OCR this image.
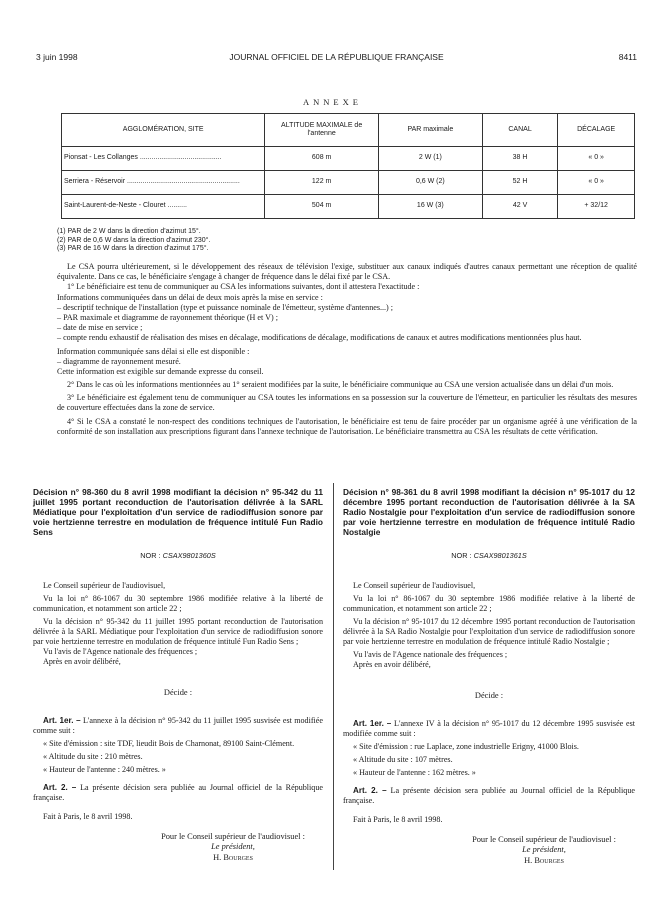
3 juin 1998	JOURNAL OFFICIEL DE LA RÉPUBLIQUE FRANÇAISE	8411
ANNEXE
AGGLOMÉRATION, SITE	ALTITUDE MAXIMALE de l'antenne	PAR maximale	CANAL	DÉCALAGE
Pionsat - Les Collanges ..........................................	608 m	2 W (1)	38 H	« 0 »
Serriera - Réservoir ..........................................................	122 m	0,6 W (2)	52 H	« 0 »
Saint-Laurent-de-Neste - Clouret ..........	504 m	16 W (3)	42 V	+ 32/12
(1) PAR de 2 W dans la direction d'azimut 15°.
(2) PAR de 0,6 W dans la direction d'azimut 230°.
(3) PAR de 16 W dans la direction d'azimut 175°.

Le CSA pourra ultérieurement, si le développement des réseaux de télévision l'exige, substituer aux canaux indiqués d'autres canaux permettant une réception de qualité équivalente. Dans ce cas, le bénéficiaire s'engage à changer de fréquence dans le délai fixé par le CSA.

1° Le bénéficiaire est tenu de communiquer au CSA les informations suivantes, dont il attestera l'exactitude :

Informations communiquées dans un délai de deux mois après la mise en service :

– descriptif technique de l'installation (type et puissance nominale de l'émetteur, système d'antennes...) ;

– PAR maximale et diagramme de rayonnement théorique (H et V) ;

– date de mise en service ;

– compte rendu exhaustif de réalisation des mises en décalage, modifications de décalage, modifications de canaux et autres modifications mentionnées plus haut.

Information communiquée sans délai si elle est disponible :

– diagramme de rayonnement mesuré.

Cette information est exigible sur demande expresse du conseil.

2° Dans le cas où les informations mentionnées au 1° seraient modifiées par la suite, le bénéficiaire communique au CSA une version actualisée dans un délai d'un mois.

3° Le bénéficiaire est également tenu de communiquer au CSA toutes les informations en sa possession sur la couverture de l'émetteur, en particulier les résultats des mesures de couverture effectuées dans la zone de service.

4° Si le CSA a constaté le non-respect des conditions techniques de l'autorisation, le bénéficiaire est tenu de faire procéder par un organisme agréé à une vérification de la conformité de son installation aux prescriptions figurant dans l'annexe technique de l'autorisation. Le bénéficiaire transmettra au CSA les résultats de cette vérification.

Décision n° 98-360 du 8 avril 1998 modifiant la décision n° 95-342 du 11 juillet 1995 portant reconduction de l'autorisation délivrée à la SARL Médiatique pour l'exploitation d'un service de radiodiffusion sonore par voie hertzienne terrestre en modulation de fréquence intitulé Fun Radio Sens
NOR : CSAX9801360S

Le Conseil supérieur de l'audiovisuel,

Vu la loi n° 86-1067 du 30 septembre 1986 modifiée relative à la liberté de communication, et notamment son article 22 ;

Vu la décision n° 95-342 du 11 juillet 1995 portant reconduction de l'autorisation délivrée à la SARL Médiatique pour l'exploitation d'un service de radiodiffusion sonore par voie hertzienne terrestre en modulation de fréquence intitulé Fun Radio Sens ;

Vu l'avis de l'Agence nationale des fréquences ;

Après en avoir délibéré,

Décide :

Art. 1er. – L'annexe à la décision n° 95-342 du 11 juillet 1995 susvisée est modifiée comme suit :

« Site d'émission : site TDF, lieudit Bois de Charnonat, 89100 Saint-Clément.

« Altitude du site : 210 mètres.

« Hauteur de l'antenne : 240 mètres. »

Art. 2. – La présente décision sera publiée au Journal officiel de la République française.

Fait à Paris, le 8 avril 1998.

Pour le Conseil supérieur de l'audiovisuel :
Le président,
H. Bourges
Décision n° 98-361 du 8 avril 1998 modifiant la décision n° 95-1017 du 12 décembre 1995 portant reconduction de l'autorisation délivrée à la SA Radio Nostalgie pour l'exploitation d'un service de radiodiffusion sonore par voie hertzienne terrestre en modulation de fréquence intitulé Radio Nostalgie
NOR : CSAX9801361S

Le Conseil supérieur de l'audiovisuel,

Vu la loi n° 86-1067 du 30 septembre 1986 modifiée relative à la liberté de communication, et notamment son article 22 ;

Vu la décision n° 95-1017 du 12 décembre 1995 portant reconduction de l'autorisation délivrée à la SA Radio Nostalgie pour l'exploitation d'un service de radiodiffusion sonore par voie hertzienne terrestre en modulation de fréquence intitulé Radio Nostalgie ;

Vu l'avis de l'Agence nationale des fréquences ;

Après en avoir délibéré,

Décide :

Art. 1er. – L'annexe IV à la décision n° 95-1017 du 12 décembre 1995 susvisée est modifiée comme suit :

« Site d'émission : rue Laplace, zone industrielle Erigny, 41000 Blois.

« Altitude du site : 107 mètres.

« Hauteur de l'antenne : 162 mètres. »

Art. 2. – La présente décision sera publiée au Journal officiel de la République française.

Fait à Paris, le 8 avril 1998.

Pour le Conseil supérieur de l'audiovisuel :
Le président,
H. Bourges
